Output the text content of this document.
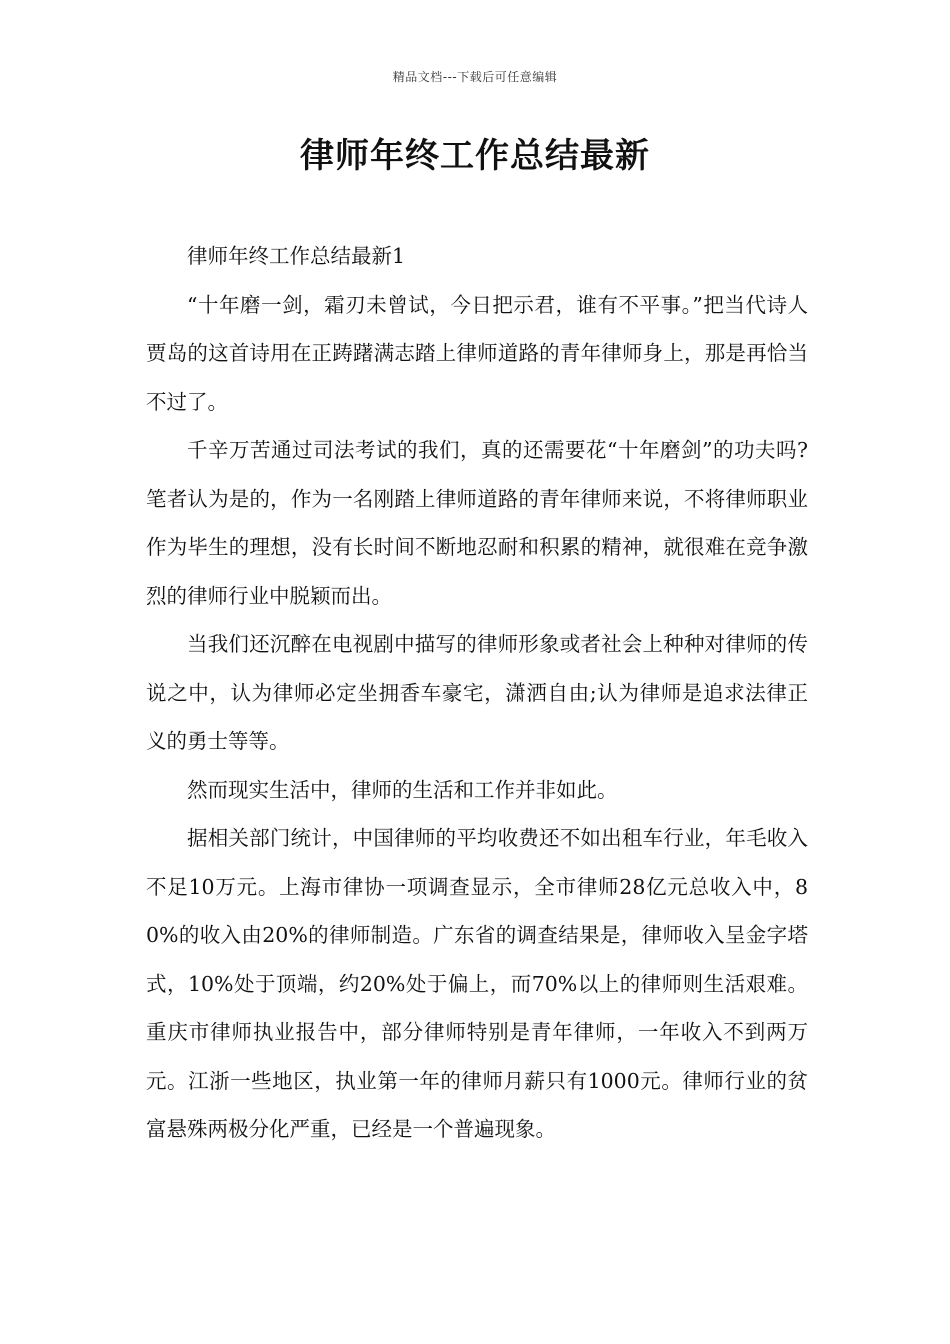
精品文档---下载后可任意编辑
律师年终工作总结最新

律师年终工作总结最新1

“十年磨一剑，霜刃未曾试，今日把示君，谁有不平事。”把当代诗人贾岛的这首诗用在正踌躇满志踏上律师道路的青年律师身上，那是再恰当不过了。

千辛万苦通过司法考试的我们，真的还需要花“十年磨剑”的功夫吗?笔者认为是的，作为一名刚踏上律师道路的青年律师来说，不将律师职业作为毕生的理想，没有长时间不断地忍耐和积累的精神，就很难在竞争激烈的律师行业中脱颖而出。

当我们还沉醉在电视剧中描写的律师形象或者社会上种种对律师的传说之中，认为律师必定坐拥香车豪宅，潇洒自由;认为律师是追求法律正义的勇士等等。

然而现实生活中，律师的生活和工作并非如此。

据相关部门统计，中国律师的平均收费还不如出租车行业，年毛收入不足10万元。上海市律协一项调查显示，全市律师28亿元总收入中，80%的收入由20%的律师制造。广东省的调查结果是，律师收入呈金字塔式，10%处于顶端，约20%处于偏上，而70%以上的律师则生活艰难。重庆市律师执业报告中，部分律师特别是青年律师，一年收入不到两万元。江浙一些地区，执业第一年的律师月薪只有1000元。律师行业的贫富悬殊两极分化严重，已经是一个普遍现象。
